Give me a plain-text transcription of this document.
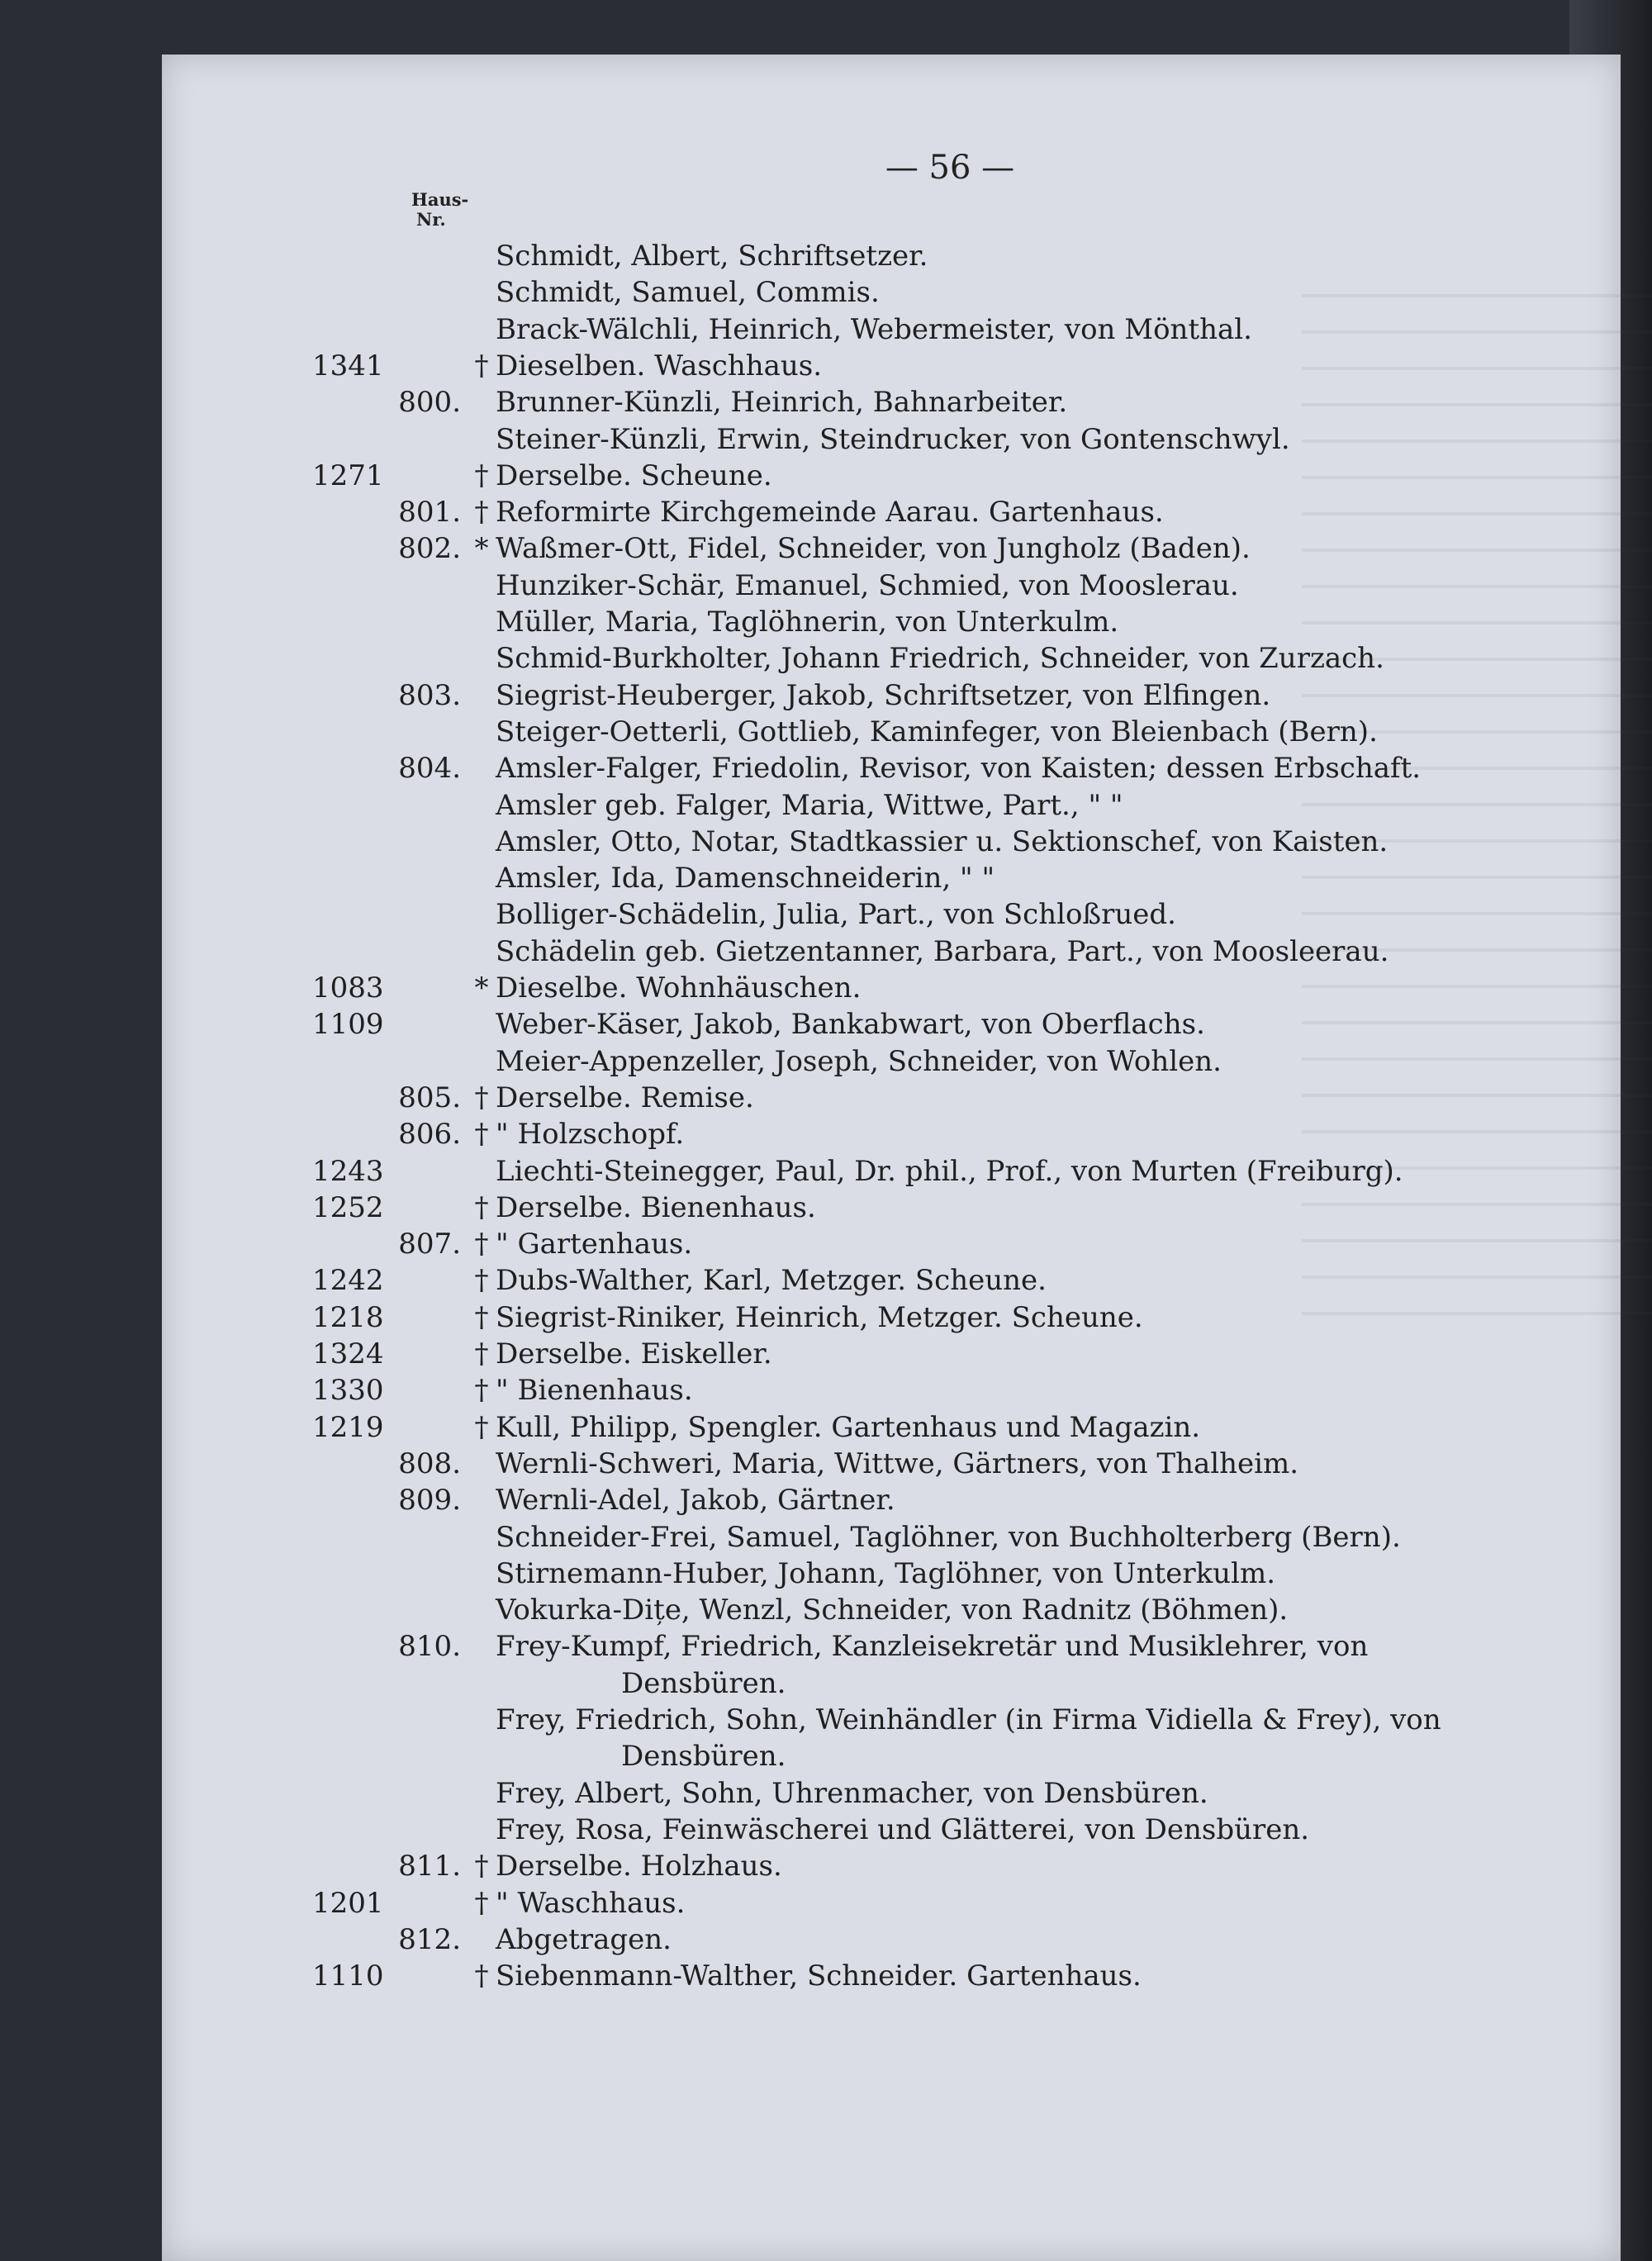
— 56 —
Haus-
Nr.
Schmidt, Albert, Schriftsetzer.
Schmidt, Samuel, Commis.
Brack-Wälchli, Heinrich, Webermeister, von Mönthal.
1341	† Dieselben. Waschhaus.
800. Brunner-Künzli, Heinrich, Bahnarbeiter.
Steiner-Künzli, Erwin, Steindrucker, von Gontenschwyl.
1271	† Derselbe. Scheune.
801. † Reformirte Kirchgemeinde Aarau. Gartenhaus.
802. * Waßmer-Ott, Fidel, Schneider, von Jungholz (Baden).
Hunziker-Schär, Emanuel, Schmied, von Mooslerau.
Müller, Maria, Taglöhnerin, von Unterkulm.
Schmid-Burkholter, Johann Friedrich, Schneider, von Zurzach.
803. Siegrist-Heuberger, Jakob, Schriftsetzer, von Elfingen.
Steiger-Oetterli, Gottlieb, Kaminfeger, von Bleienbach (Bern).
804. Amsler-Falger, Friedolin, Revisor, von Kaisten; dessen Erbschaft.
Amsler geb. Falger, Maria, Wittwe, Part., " "
Amsler, Otto, Notar, Stadtkassier u. Sektionschef, von Kaisten.
Amsler, Ida, Damenschneiderin, " "
Bolliger-Schädelin, Julia, Part., von Schloßrued.
Schädelin geb. Gietzentanner, Barbara, Part., von Moosleerau.
1083	* Dieselbe. Wohnhäuschen.
1109	Weber-Käser, Jakob, Bankabwart, von Oberflachs.
Meier-Appenzeller, Joseph, Schneider, von Wohlen.
805. † Derselbe. Remise.
806. † " Holzschopf.
1243	Liechti-Steinegger, Paul, Dr. phil., Prof., von Murten (Freiburg).
1252	† Derselbe. Bienenhaus.
807. † " Gartenhaus.
1242	† Dubs-Walther, Karl, Metzger. Scheune.
1218	† Siegrist-Riniker, Heinrich, Metzger. Scheune.
1324	† Derselbe. Eiskeller.
1330	† " Bienenhaus.
1219	† Kull, Philipp, Spengler. Gartenhaus und Magazin.
808. Wernli-Schweri, Maria, Wittwe, Gärtners, von Thalheim.
809. Wernli-Adel, Jakob, Gärtner.
Schneider-Frei, Samuel, Taglöhner, von Buchholterberg (Bern).
Stirnemann-Huber, Johann, Taglöhner, von Unterkulm.
Vokurka-Dițe, Wenzl, Schneider, von Radnitz (Böhmen).
810. Frey-Kumpf, Friedrich, Kanzleisekretär und Musiklehrer, von
Densbüren.
Frey, Friedrich, Sohn, Weinhändler (in Firma Vidiella & Frey), von
Densbüren.
Frey, Albert, Sohn, Uhrenmacher, von Densbüren.
Frey, Rosa, Feinwäscherei und Glätterei, von Densbüren.
811. † Derselbe. Holzhaus.
1201	† " Waschhaus.
812. Abgetragen.
1110	† Siebenmann-Walther, Schneider. Gartenhaus.
